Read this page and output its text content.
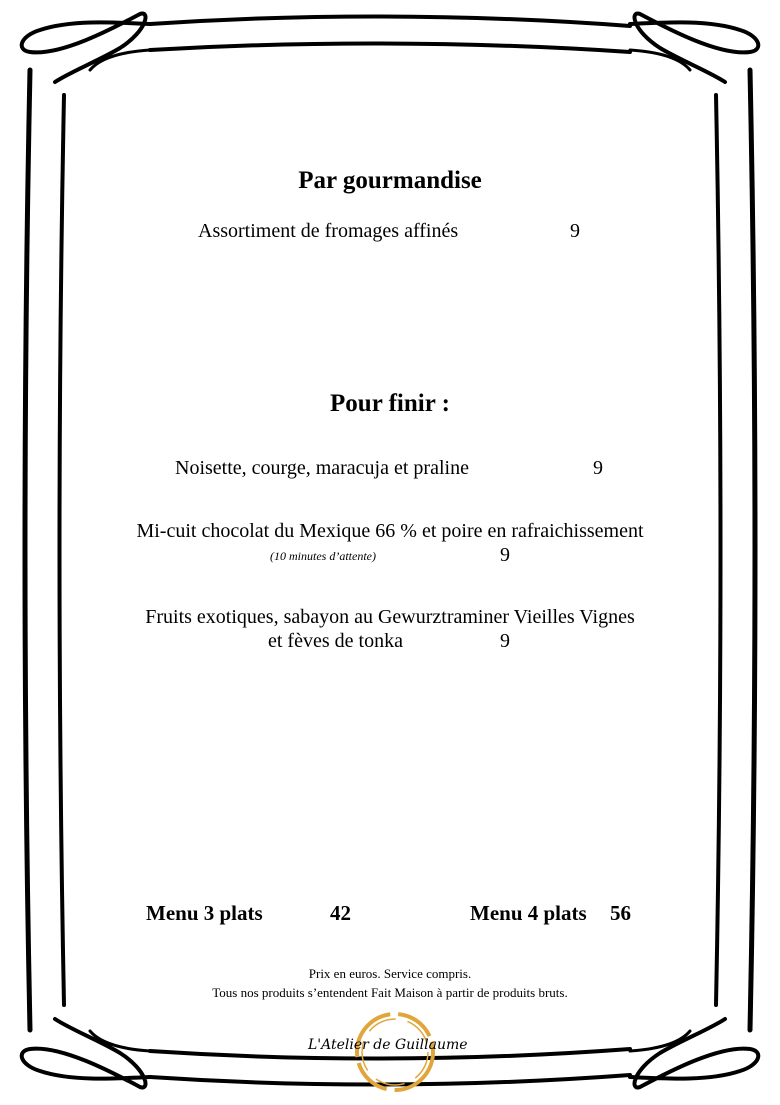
Par gourmandise
Assortiment de fromages affinés	9
Pour finir :
Noisette, courge, maracuja et praline	9
Mi-cuit chocolat du Mexique 66 % et poire en rafraichissement
(10 minutes d’attente)	9
Fruits exotiques, sabayon au Gewurztraminer Vieilles Vignes
et fèves de tonka	9
Menu 3 plats	42	Menu 4 plats 56
Prix en euros. Service compris.
Tous nos produits s’entendent Fait Maison à partir de produits bruts.
L'Atelier de Guillaume
